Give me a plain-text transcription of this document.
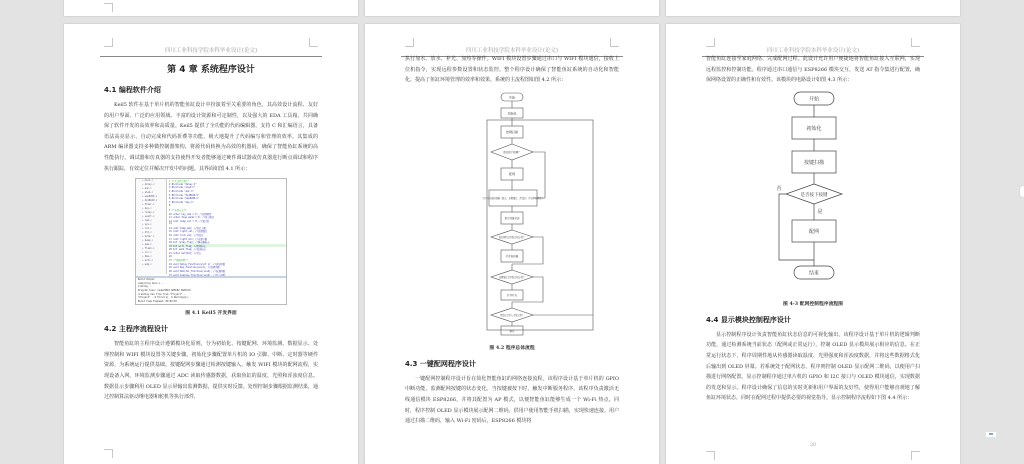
四川工业科技学院本科毕业设计(论文)
第 4 章 系统程序设计
4.1 编程软件介绍

Keil5 软件在基于单片机的智能鱼缸设计中扮演着至关重要的角色，其高效设计流程、友好的用户界面、广泛的应用领域、丰富的设计资源和可定制性，以及强大的 EDA 工具箱，共同确保了软件开发的高效率和高质量。Keil5 提供了全功能的代码编辑器，支持 C 和汇编语言，具备语法高亮显示、自动完成和代码折叠等功能，极大地提升了代码编写和管理的效率。其集成的 ARM 编译器支持多种微控制器架构，将源代码转换为高效的机器码，确保了智能鱼缸系统的高性能执行。调试器和仿真器的支持使得开发者能够通过硬件调试器或仿真器进行断点调试和程序执行跟踪，有效定位并解决开发中的问题。其界面如图 4.1 所示：

▫ main.c
▫ delay.c
▫ adc.c
▫ oled.c
▫ esp8266.c
▫ ds18b20.c
▫ timer.c
▫ key.c
▫ relay.c
▫ usart.c
▫ led.c
▫ sys.c
▫ lcd.c
▫ dht.c
▫ motor.c
▫ beep.c
▫ pwm.c
▫ flash.c
▫ iic.c
▫ dma.c
▫ exti.c
▫ wdg.c
1 /*头文件引用*/
2 #include "delay.h"
3 #include "oled.h"
4 #include "adc.h"
5 #include "ds18b20.h"
6 #include "esp8266.h"
7 #include "key.h"
8
9 /*变量定义*/
10 uchar key_num = 0; //按键键值
11 uchar disp_mode = 0; //显示模式
12 uint temp_val = 0; //温度值
13
14 uint temp_max; //温度上限
15 uint light_val; //光照强度
16 uint turb_val; //浑浊度
17 uint light_min; //光照下限
18 bit relay_flag; //继电器标志
19 bit wifi_flag; //配网标志
20 bit send_flag; //发送标志
21 uchar buf[16]; //缓存
22
23 /*函数声明*/
24 void Delay_Function(uint x); //延时函数
25 void Key_Function(void); //按键函数
26 void Monitor_Function(void); //监测函数
27 void Display_Function(void); //显示函数
Build Output
compiling main.c...
linking...
Program Size: Code=5842 RAM=82 XDATA=0
creating hex file from "Project"...
"Project" - 0 Error(s), 0 Warning(s).
Build Time Elapsed: 00:00:03
图 4.1 Keil5 开发界面
4.2 主程序流程设计

智能鱼缸的主程序设计遵循模块化原则，分为初始化、按键配网、环境监测、数据显示、处理控制和 WIFI 模块设置等关键步骤。初始化步骤配置单片机的 IO 引脚、中断、定时器等硬件资源，为系统运行提供基础。按键配网步骤通过检测按键输入，触发 WIFI 模块的配网流程，实现设备入网。环境监测步骤通过 ADC 读取传感器数据，获取鱼缸的温度、光照和浑浊度信息。数据显示步骤利用 OLED 显示屏输出监测数据，提供实时反馈。处理控制步骤根据监测结果，通过控制算法驱动继电器和舵机等执行部件，

四川工业科技学院本科毕业设计(论文)

执行加水、放水、补光、加热等操作。WIFI 模块设置步骤通过串口与 WIFI 模块通信，接收上位机指令，实现远程参数设置和状态监控。整个程序设计确保了智能鱼缸系统的自动化和智能化，提高了鱼缸环境管理的效率和效果。系统的主流程图如图 4.2 所示：

开始
初始化
按键扫描
是否按下按键？
配网
等待并读取传感器（温度、光照强度、浑浊度）并显示在屏幕上
显示设备状态
温度数值是否低于设定值？
打开加热器
光照强度是否低于设定值？
打开灯光
浑浊度是否大于设定值？
换水
图 4.2 程序总体流程
4.3 一键配网程序设计

一键配网控制程序设计旨在简化智能鱼缸的网络连接流程。该程序设计基于单片机的 GPIO 中断功能，监测配网按键的状态变化。当按键被按下时，触发中断服务程序。该程序负责激活无线通信模块 ESP8266，并将其配置为 AP 模式，以便智能鱼缸能够生成一个 Wi-Fi 热点。同时，程序控制 OLED 显示模块展示配网二维码，供用户使用智能手机扫描，实现快速连接。用户通过扫描二维码，输入 Wi-Fi 密码后，ESP8266 模块将

四川工业科技学院本科毕业设计(论文)

智能鱼缸连接至家庭网络，完成配网过程。此设计允许用户便捷地将智能鱼缸接入互联网，实现远程监控和控制功能。程序通过串口通信与 ESP8266 模块交互，发送 AT 指令集进行配置，确保网络设置的正确性和有效性。该模块的电路设计如图 4.3 所示：

开始
初始化
按键扫描
是否按下按键
否
是
配网
结束
图 4-3 配网控制程序流程图
4.4 显示模块控制程序设计

显示控制程序设计负责智能鱼缸状态信息的可视化输出。该程序设计基于单片机的逻辑判断功能，通过检测系统当前状态（配网或正常运行），控制 OLED 显示模块展示相应的信息。在正常运行状态下，程序周期性地从传感器读取温度、光照强度和浑浊度数据，并将这些数据格式化后输出到 OLED 屏幕。若系统处于配网状态，程序则控制 OLED 显示配网二维码，以便用户扫描进行网络配置。显示控制程序通过单片机的 GPIO 和 I2C 接口与 OLED 模块通信，实现数据的发送和显示。程序设计确保了信息的实时更新和用户界面的友好性，使得用户能够直观地了解鱼缸环境状态，同时在配网过程中提供必要的视觉指导。显示控制程序流程如下图 4.4 所示：

20
